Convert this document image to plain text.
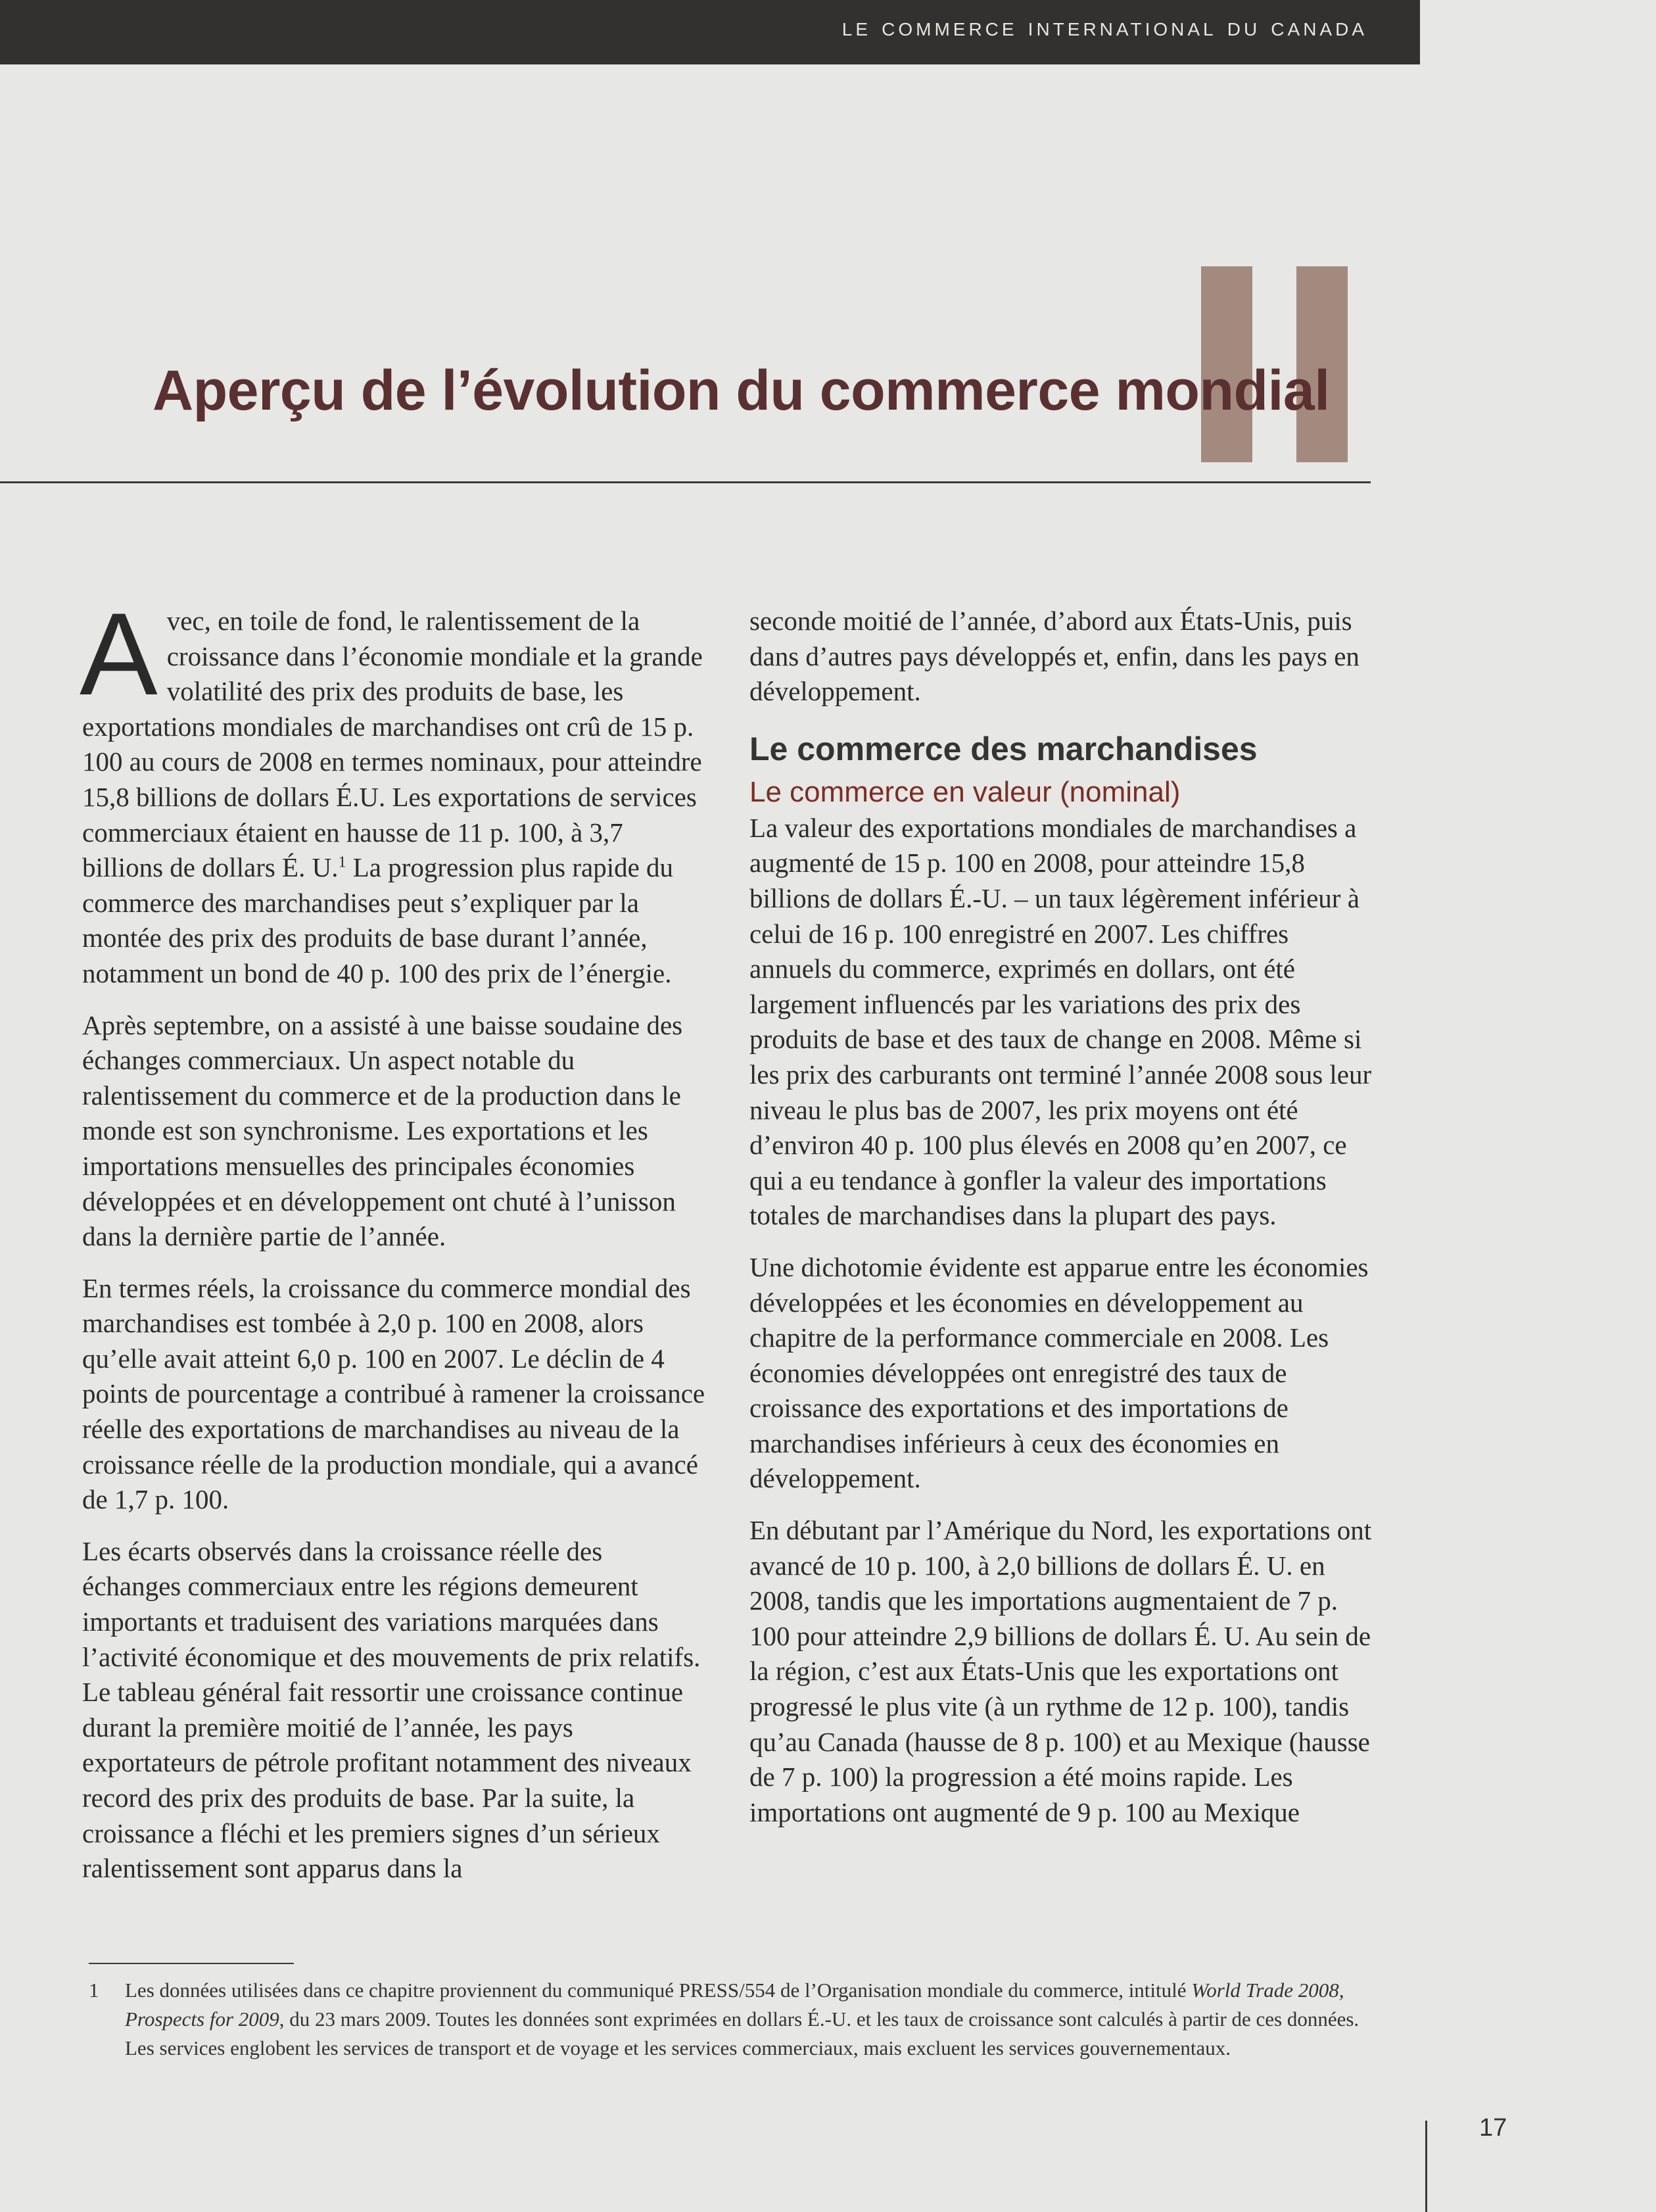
le commerce international du canada
Aperçu de l’évolution du commerce mondial

Avec, en toile de fond, le ralentissement de la croissance dans l’économie mondiale et la grande volatilité des prix des produits de base, les exportations mondiales de marchandises ont crû de 15 p. 100 au cours de 2008 en termes nominaux, pour atteindre 15,8 billions de dollars É.U. Les exportations de services commerciaux étaient en hausse de 11 p. 100, à 3,7 billions de dollars É. U.$^1$ La progression plus rapide du commerce des marchandises peut s’expliquer par la montée des prix des produits de base durant l’année, notamment un bond de 40 p. 100 des prix de l’énergie.

Après septembre, on a assisté à une baisse soudaine des échanges commerciaux. Un aspect notable du ralentissement du commerce et de la production dans le monde est son synchronisme. Les exportations et les importations mensuelles des principales économies développées et en développement ont chuté à l’unisson dans la dernière partie de l’année.

En termes réels, la croissance du commerce mondial des marchandises est tombée à 2,0 p. 100 en 2008, alors qu’elle avait atteint 6,0 p. 100 en 2007. Le déclin de 4 points de pourcentage a contribué à ramener la croissance réelle des exportations de marchandises au niveau de la croissance réelle de la production mondiale, qui a avancé de 1,7 p. 100.

Les écarts observés dans la croissance réelle des échanges commerciaux entre les régions demeurent importants et traduisent des variations marquées dans l’activité économique et des mouvements de prix relatifs. Le tableau général fait ressortir une croissance continue durant la première moitié de l’année, les pays exportateurs de pétrole profitant notamment des niveaux record des prix des produits de base. Par la suite, la croissance a fléchi et les premiers signes d’un sérieux ralentissement sont apparus dans la

seconde moitié de l’année, d’abord aux États-Unis, puis dans d’autres pays développés et, enfin, dans les pays en développement.

Le commerce des marchandises
Le commerce en valeur (nominal)

La valeur des exportations mondiales de marchandises a augmenté de 15 p. 100 en 2008, pour atteindre 15,8 billions de dollars É.-U. – un taux légèrement inférieur à celui de 16 p. 100 enregistré en 2007. Les chiffres annuels du commerce, exprimés en dollars, ont été largement influencés par les variations des prix des produits de base et des taux de change en 2008. Même si les prix des carburants ont terminé l’année 2008 sous leur niveau le plus bas de 2007, les prix moyens ont été d’environ 40 p. 100 plus élevés en 2008 qu’en 2007, ce qui a eu tendance à gonfler la valeur des importations totales de marchandises dans la plupart des pays.

Une dichotomie évidente est apparue entre les économies développées et les économies en développement au chapitre de la performance commerciale en 2008. Les économies développées ont enregistré des taux de croissance des exportations et des importations de marchandises inférieurs à ceux des économies en développement.

En débutant par l’Amérique du Nord, les exportations ont avancé de 10 p. 100, à 2,0 billions de dollars É. U. en 2008, tandis que les importations augmentaient de 7 p. 100 pour atteindre 2,9 billions de dollars É. U. Au sein de la région, c’est aux États-Unis que les exportations ont progressé le plus vite (à un rythme de 12 p. 100), tandis qu’au Canada (hausse de 8 p. 100) et au Mexique (hausse de 7 p. 100) la progression a été moins rapide. Les importations ont augmenté de 9 p. 100 au Mexique

1 Les données utilisées dans ce chapitre proviennent du communiqué PRESS/554 de l’Organisation mondiale du commerce, intitulé World Trade 2008, Prospects for 2009, du 23 mars 2009. Toutes les données sont exprimées en dollars É.-U. et les taux de croissance sont calculés à partir de ces données. Les services englobent les services de transport et de voyage et les services commerciaux, mais excluent les services gouvernementaux.
17
